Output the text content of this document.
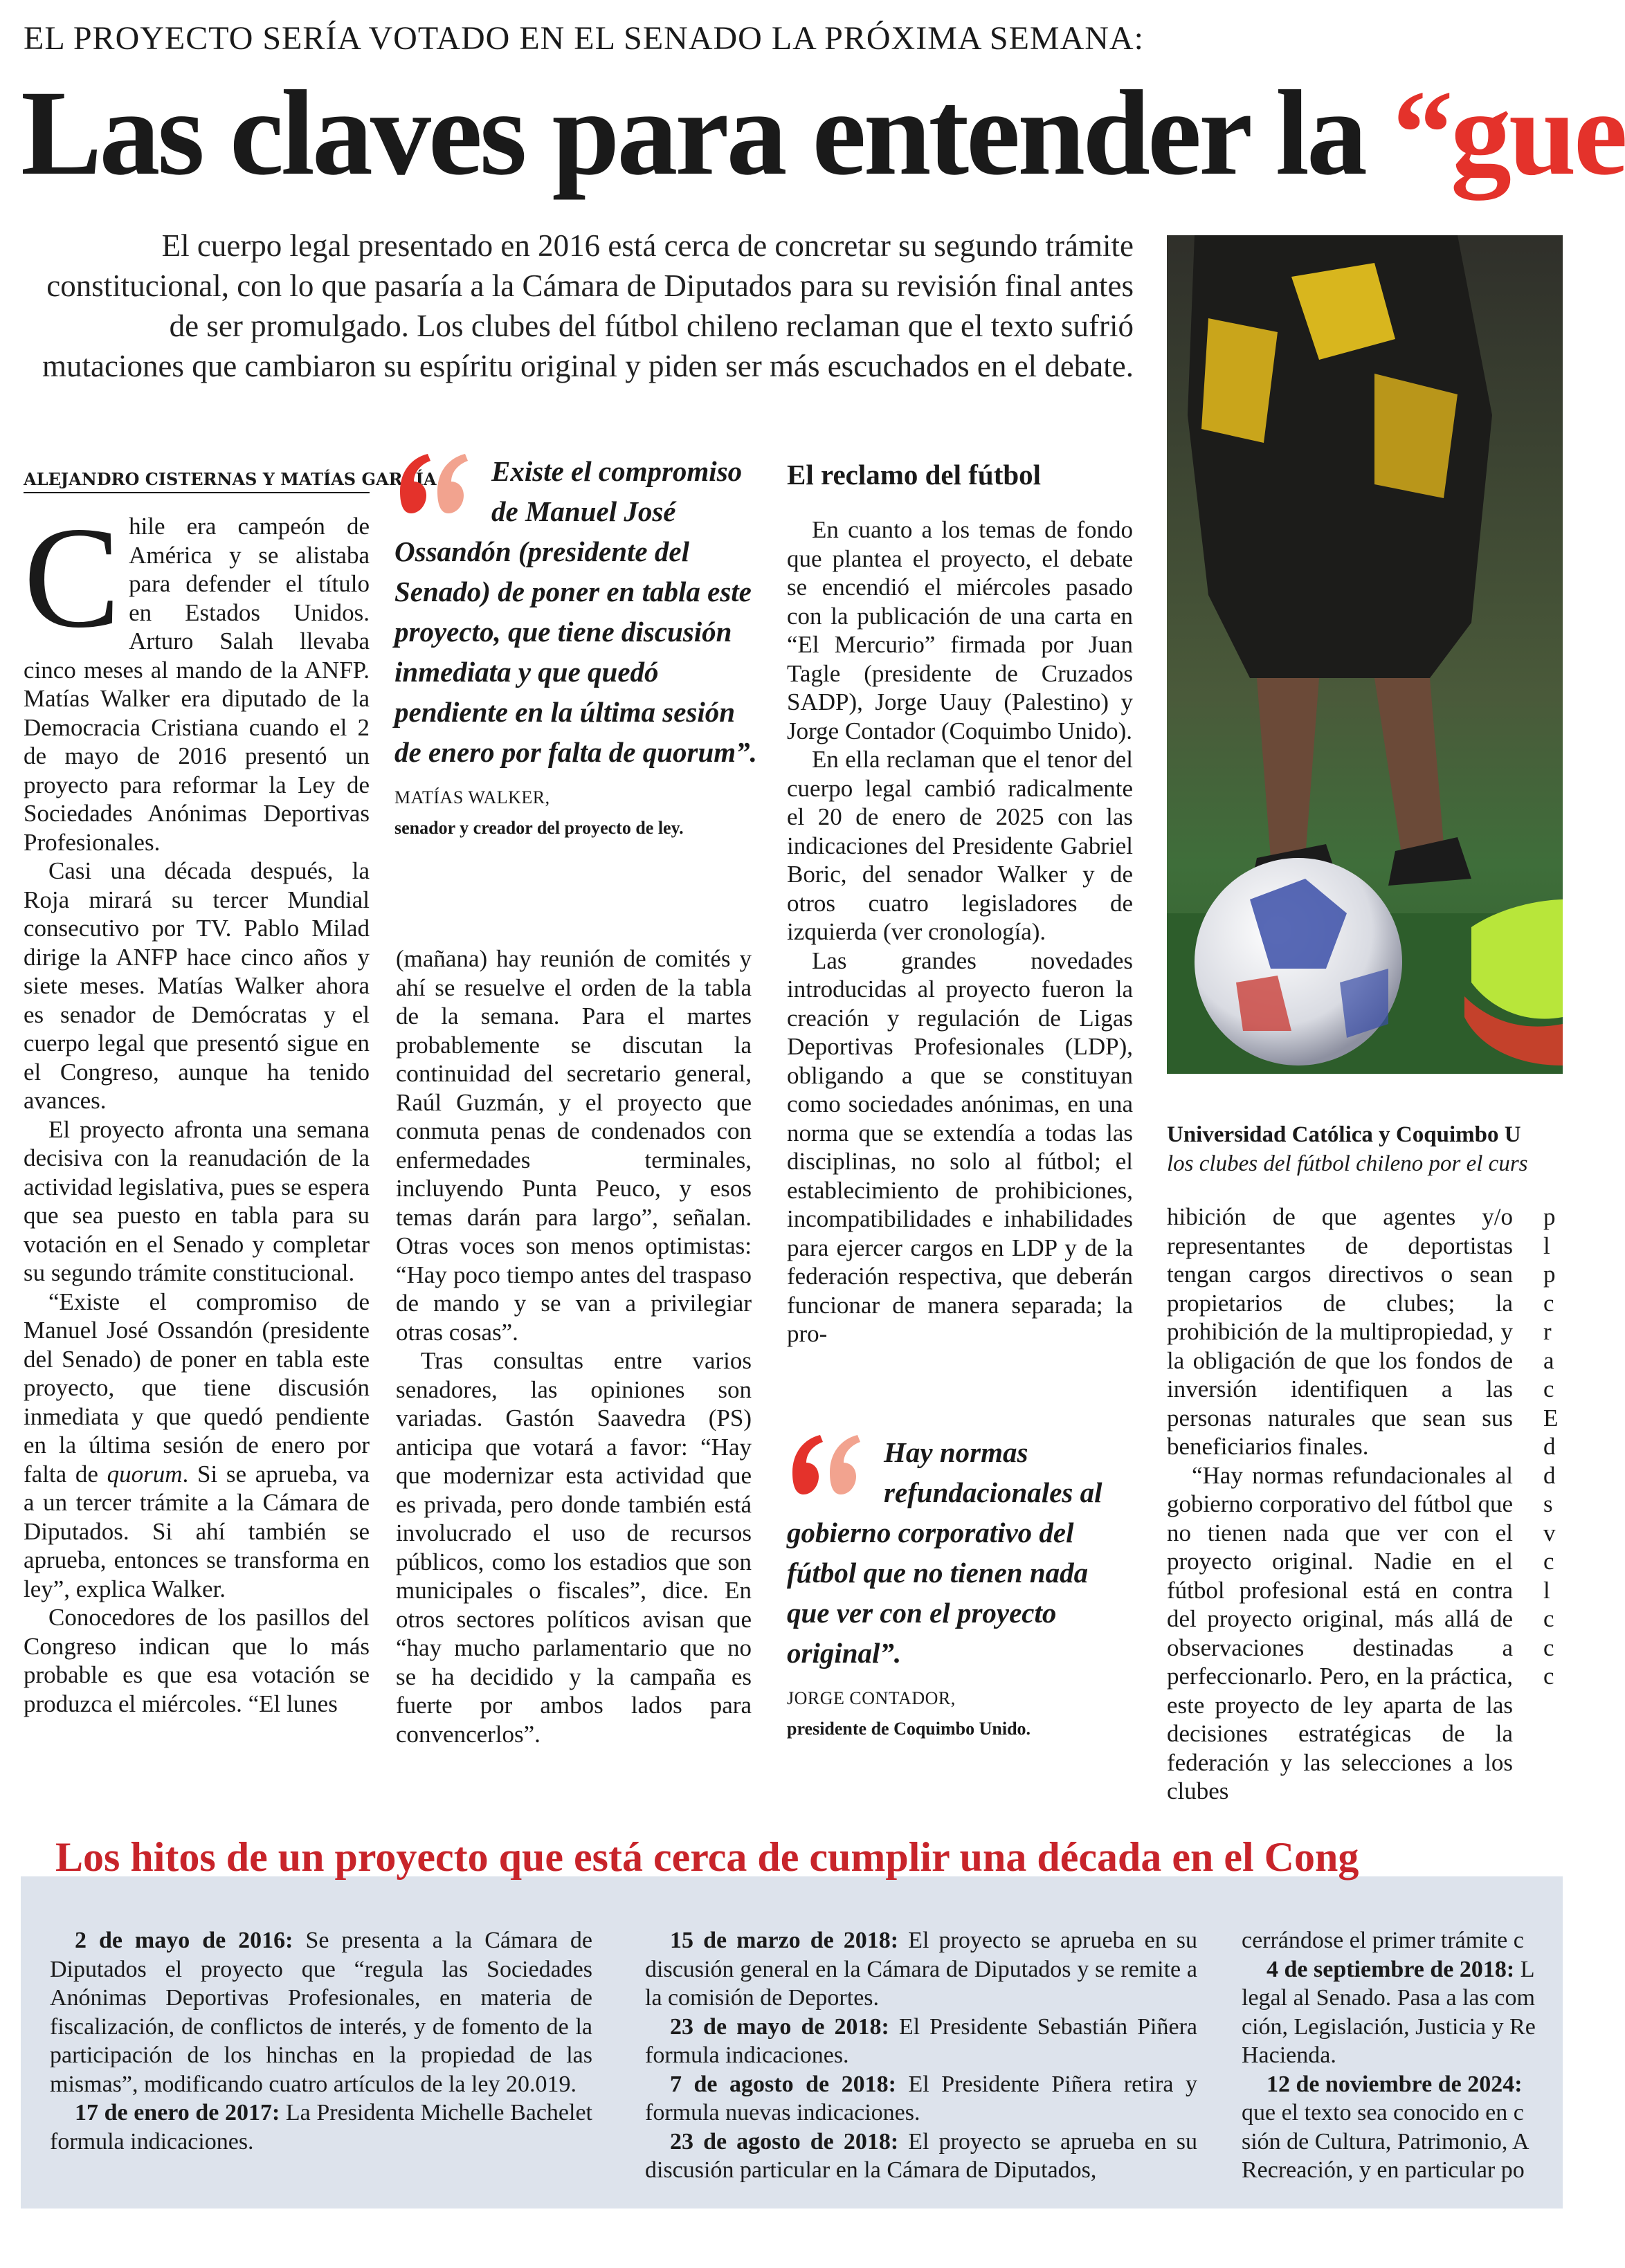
EL PROYECTO SERÍA VOTADO EN EL SENADO LA PRÓXIMA SEMANA:
Las claves para entender la “gue
El cuerpo legal presentado en 2016 está cerca de concretar su segundo trámite constitucional, con lo que pasaría a la Cámara de Diputados para su revisión final antes de ser promulgado. Los clubes del fútbol chileno reclaman que el texto sufrió mutaciones que cambiaron su espíritu original y piden ser más escuchados en el debate.
ALEJANDRO CISTERNAS Y MATÍAS GARCÍA

Chile era campeón de América y se alistaba para defender el título en Estados Unidos. Arturo Salah llevaba cinco meses al mando de la ANFP. Matías Walker era diputado de la Democracia Cristiana cuando el 2 de mayo de 2016 presentó un proyecto para reformar la Ley de Sociedades Anónimas Deportivas Profesionales.

Casi una década después, la Roja mirará su tercer Mundial consecutivo por TV. Pablo Milad dirige la ANFP hace cinco años y siete meses. Matías Walker ahora es senador de Demócratas y el cuerpo legal que presentó sigue en el Congreso, aunque ha tenido avances.

El proyecto afronta una semana decisiva con la reanudación de la actividad legislativa, pues se espera que sea puesto en tabla para su votación en el Senado y completar su segundo trámite constitucional.

“Existe el compromiso de Manuel José Ossandón (presidente del Senado) de poner en tabla este proyecto, que tiene discusión inmediata y que quedó pendiente en la última sesión de enero por falta de quorum. Si se aprueba, va a un tercer trámite a la Cámara de Diputados. Si ahí también se aprueba, entonces se transforma en ley”, explica Walker.

Conocedores de los pasillos del Congreso indican que lo más probable es que esa votación se produzca el miércoles. “El lunes

Existe el compromiso de Manuel José Ossandón (presidente del Senado) de poner en tabla este proyecto, que tiene discusión inmediata y que quedó pendiente en la última sesión de enero por falta de quorum”.
MATÍAS WALKER,
senador y creador del proyecto de ley.

(mañana) hay reunión de comités y ahí se resuelve el orden de la tabla de la semana. Para el martes probablemente se discutan la continuidad del secretario general, Raúl Guzmán, y el proyecto que conmuta penas de condenados con enfermedades terminales, incluyendo Punta Peuco, y esos temas darán para largo”, señalan. Otras voces son menos optimistas: “Hay poco tiempo antes del traspaso de mando y se van a privilegiar otras cosas”.

Tras consultas entre varios senadores, las opiniones son variadas. Gastón Saavedra (PS) anticipa que votará a favor: “Hay que modernizar esta actividad que es privada, pero donde también está involucrado el uso de recursos públicos, como los estadios que son municipales o fiscales”, dice. En otros sectores políticos avisan que “hay mucho parlamentario que no se ha decidido y la campaña es fuerte por ambos lados para convencerlos”.

El reclamo del fútbol

En cuanto a los temas de fondo que plantea el proyecto, el debate se encendió el miércoles pasado con la publicación de una carta en “El Mercurio” firmada por Juan Tagle (presidente de Cruzados SADP), Jorge Uauy (Palestino) y Jorge Contador (Coquimbo Unido).

En ella reclaman que el tenor del cuerpo legal cambió radicalmente el 20 de enero de 2025 con las indicaciones del Presidente Gabriel Boric, del senador Walker y de otros cuatro legisladores de izquierda (ver cronología).

Las grandes novedades introducidas al proyecto fueron la creación y regulación de Ligas Deportivas Profesionales (LDP), obligando a que se constituyan como sociedades anónimas, en una norma que se extendía a todas las disciplinas, no solo al fútbol; el establecimiento de prohibiciones, incompatibilidades e inhabilidades para ejercer cargos en LDP y de la federación respectiva, que deberán funcionar de manera separada; la pro-

Hay normas refundacionales al gobierno corporativo del fútbol que no tienen nada que ver con el proyecto original”.
JORGE CONTADOR,
presidente de Coquimbo Unido.
Universidad Católica y Coquimbo U
los clubes del fútbol chileno por el curs

hibición de que agentes y/o representantes de deportistas tengan cargos directivos o sean propietarios de clubes; la prohibición de la multipropiedad, y la obligación de que los fondos de inversión identifiquen a las personas naturales que sean sus beneficiarios finales.

“Hay normas refundacionales al gobierno corporativo del fútbol que no tienen nada que ver con el proyecto original. Nadie en el fútbol profesional está en contra del proyecto original, más allá de observaciones destinadas a perfeccionarlo. Pero, en la práctica, este proyecto de ley aparta de las decisiones estratégicas de la federación y las selecciones a los clubes

p
l
p
c
r
a
c
E
d
d
s
v
c
l
c
c
c
Los hitos de un proyecto que está cerca de cumplir una década en el Cong

2 de mayo de 2016: Se presenta a la Cámara de Diputados el proyecto que “regula las Sociedades Anónimas Deportivas Profesionales, en materia de fiscalización, de conflictos de interés, y de fomento de la participación de los hinchas en la propiedad de las mismas”, modificando cuatro artículos de la ley 20.019.

17 de enero de 2017: La Presidenta Michelle Bachelet formula indicaciones.

15 de marzo de 2018: El proyecto se aprueba en su discusión general en la Cámara de Diputados y se remite a la comisión de Deportes.

23 de mayo de 2018: El Presidente Sebastián Piñera formula indicaciones.

7 de agosto de 2018: El Presidente Piñera retira y formula nuevas indicaciones.

23 de agosto de 2018: El proyecto se aprueba en su discusión particular en la Cámara de Diputados,

cerrándose el primer trámite c

4 de septiembre de 2018: L

legal al Senado. Pasa a las com

ción, Legislación, Justicia y Re

Hacienda.

12 de noviembre de 2024:

que el texto sea conocido en c

sión de Cultura, Patrimonio, A

Recreación, y en particular po
